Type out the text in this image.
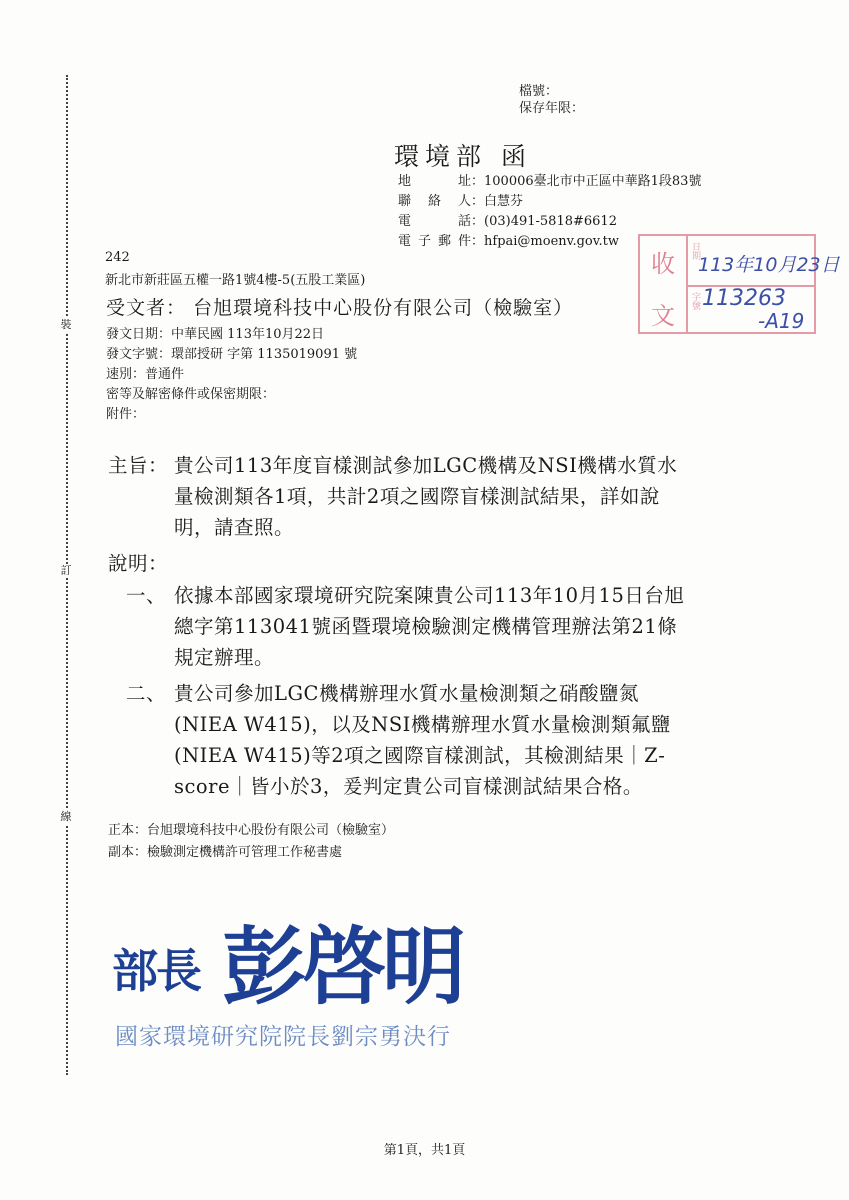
裝
訂
線
檔號：
保存年限：
環境部 函
地　址：100006臺北市中正區中華路1段83號
聯絡人：白慧芬
電　話：(03)491-5818#6612
電子郵件：hfpai@moenv.gov.tw
收
文
日期
字號
113年10月23日
113263
-A19
242
新北市新莊區五權一路1號4樓-5(五股工業區)
受文者： 台旭環境科技中心股份有限公司（檢驗室）
發文日期：中華民國 113年10月22日
發文字號：環部授研 字第 1135019091 號
速別：普通件
密等及解密條件或保密期限：
附件：
主旨： 貴公司113年度盲樣測試參加LGC機構及NSI機構水質水
量檢測類各1項，共計2項之國際盲樣測試結果，詳如說
明，請查照。
說明：
一、 依據本部國家環境研究院案陳貴公司113年10月15日台旭
總字第113041號函暨環境檢驗測定機構管理辦法第21條
規定辦理。
二、 貴公司參加LGC機構辦理水質水量檢測類之硝酸鹽氮
(NIEA W415)，以及NSI機構辦理水質水量檢測類氟鹽
(NIEA W415)等2項之國際盲樣測試，其檢測結果｜Z-
score｜皆小於3，爰判定貴公司盲樣測試結果合格。
正本：台旭環境科技中心股份有限公司（檢驗室）
副本：檢驗測定機構許可管理工作秘書處
部長 彭啓明
國家環境研究院院長劉宗勇決行
第1頁，共1頁
